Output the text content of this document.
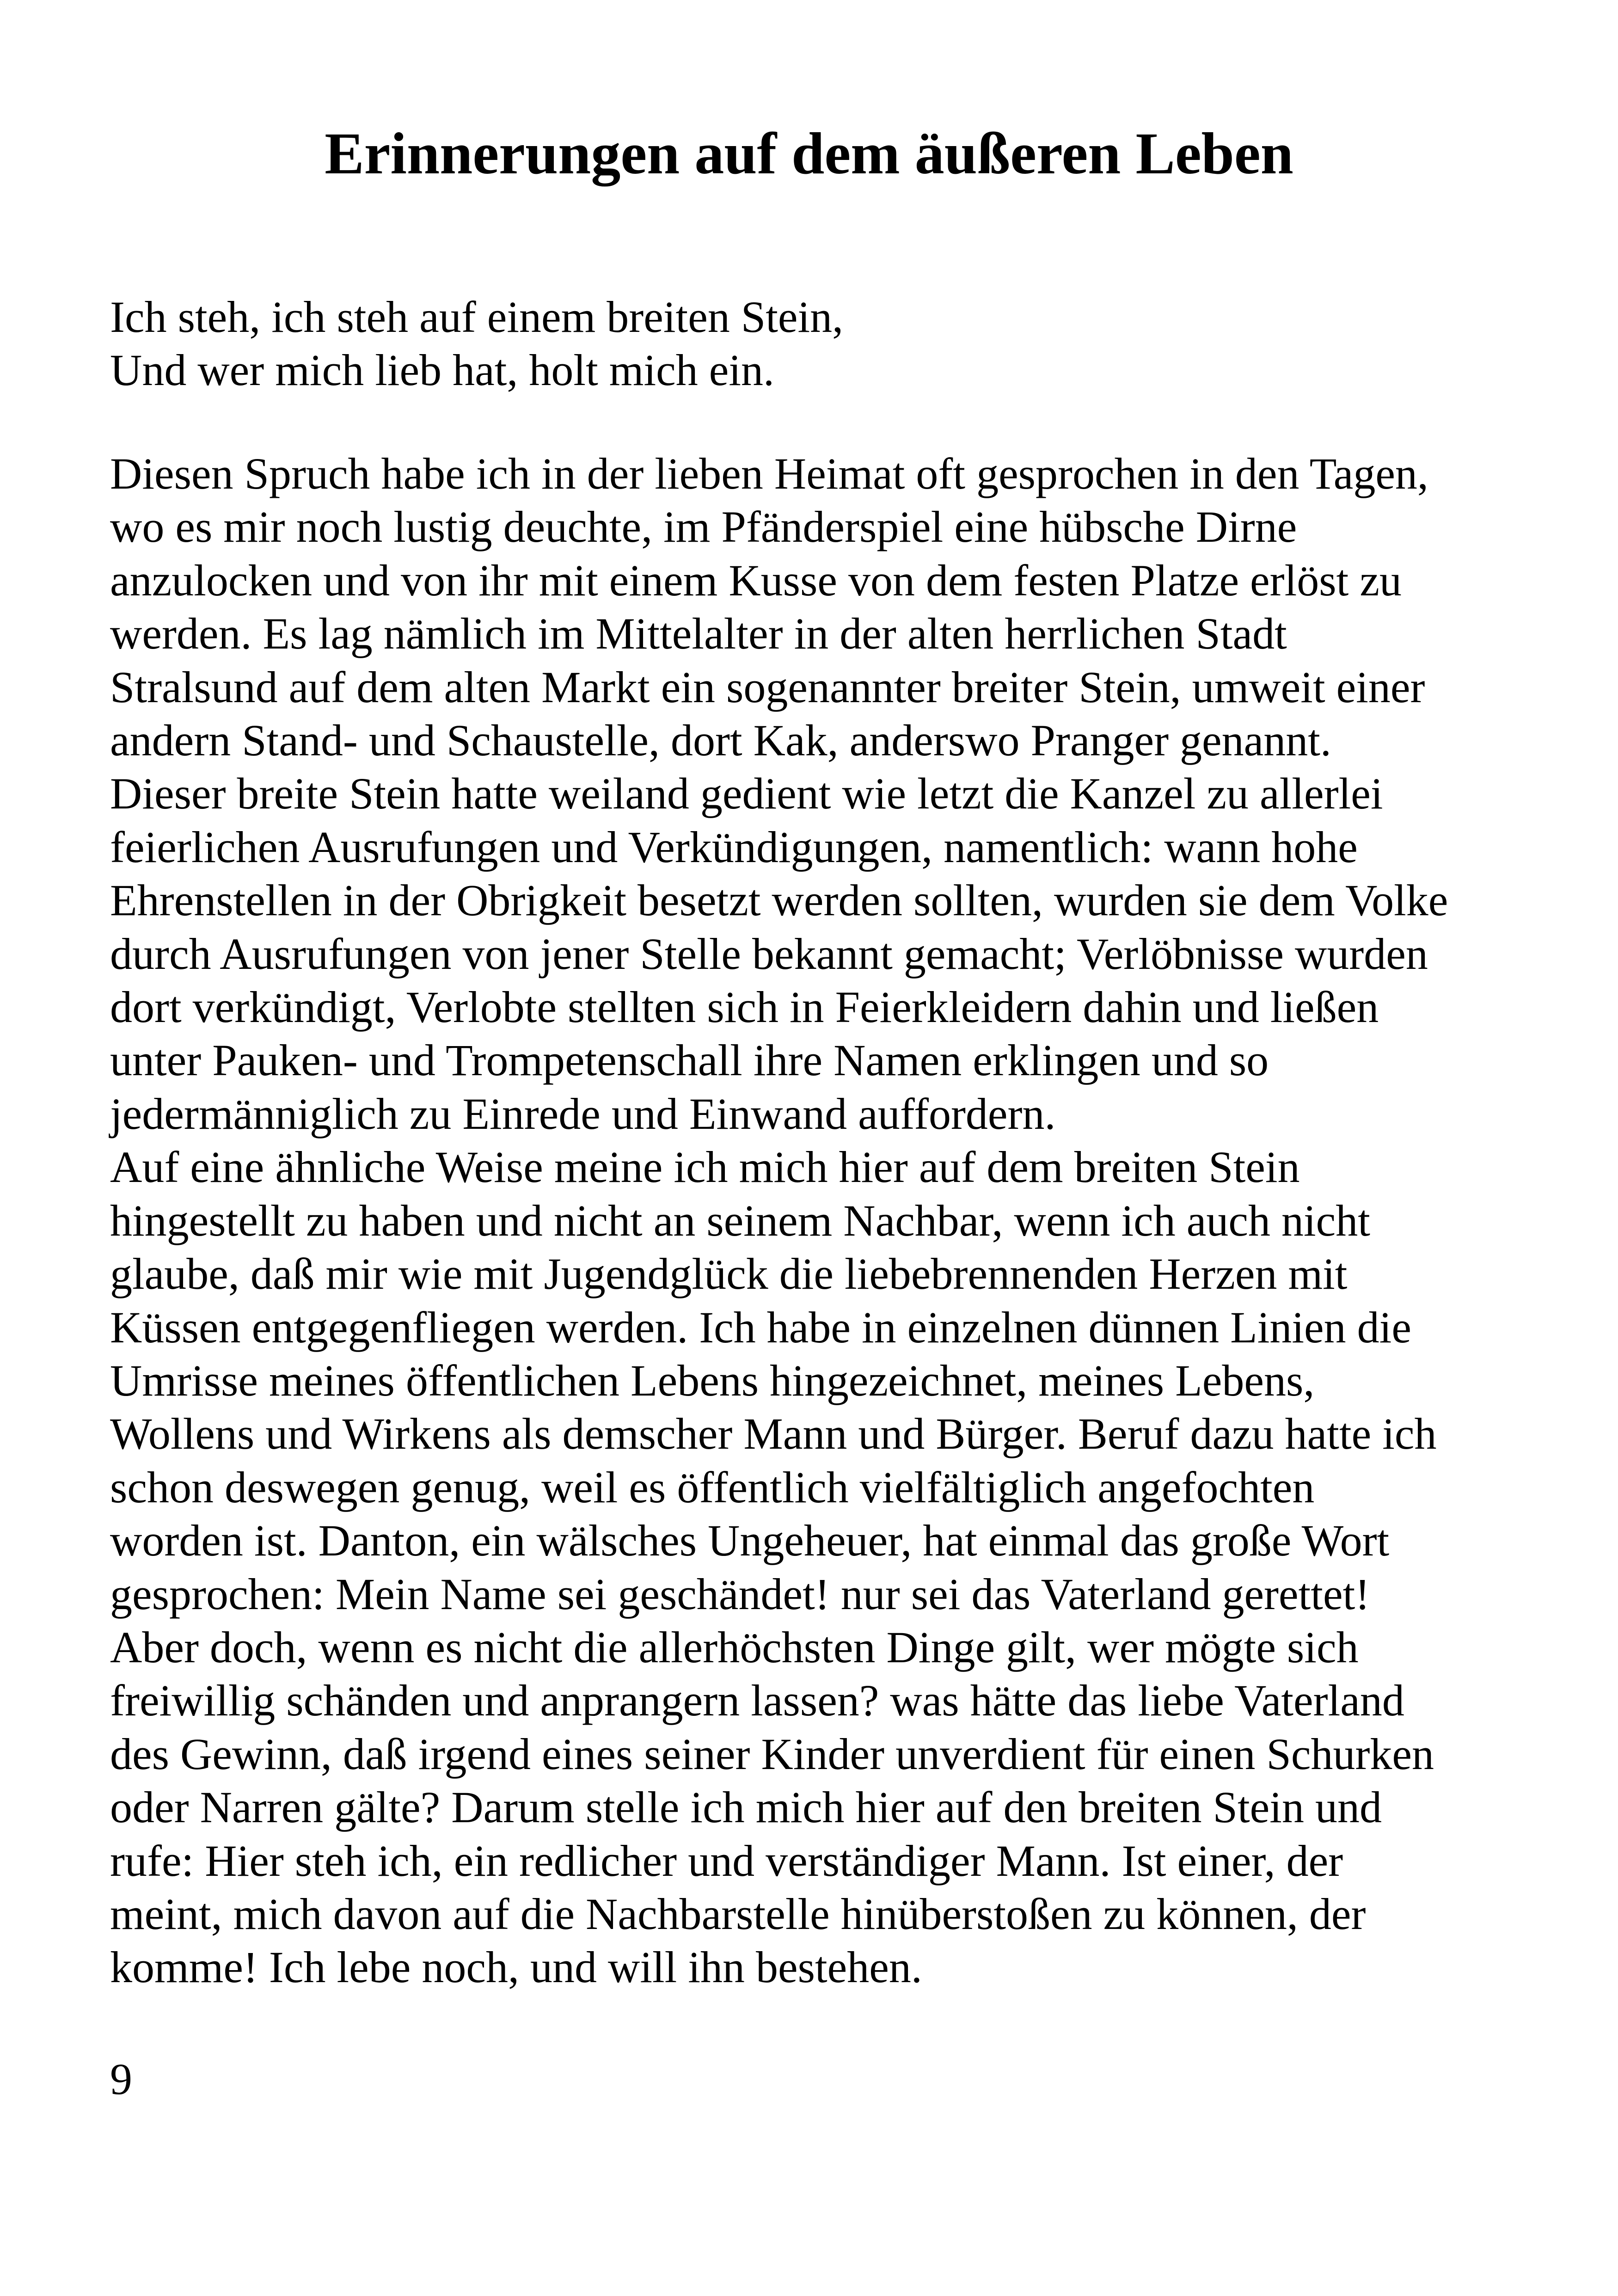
Erinnerungen auf dem äußeren Leben
Ich steh, ich steh auf einem breiten Stein,
Und wer mich lieb hat, holt mich ein.
Diesen Spruch habe ich in der lieben Heimat oft gesprochen in den Tagen,
wo es mir noch lustig deuchte, im Pfänderspiel eine hübsche Dirne
anzulocken und von ihr mit einem Kusse von dem festen Platze erlöst zu
werden. Es lag nämlich im Mittelalter in der alten herrlichen Stadt
Stralsund auf dem alten Markt ein sogenannter breiter Stein, umweit einer
andern Stand- und Schaustelle, dort Kak, anderswo Pranger genannt.
Dieser breite Stein hatte weiland gedient wie letzt die Kanzel zu allerlei
feierlichen Ausrufungen und Verkündigungen, namentlich: wann hohe
Ehrenstellen in der Obrigkeit besetzt werden sollten, wurden sie dem Volke
durch Ausrufungen von jener Stelle bekannt gemacht; Verlöbnisse wurden
dort verkündigt, Verlobte stellten sich in Feierkleidern dahin und ließen
unter Pauken- und Trompetenschall ihre Namen erklingen und so
jedermänniglich zu Einrede und Einwand auffordern.
Auf eine ähnliche Weise meine ich mich hier auf dem breiten Stein
hingestellt zu haben und nicht an seinem Nachbar, wenn ich auch nicht
glaube, daß mir wie mit Jugendglück die liebebrennenden Herzen mit
Küssen entgegenfliegen werden. Ich habe in einzelnen dünnen Linien die
Umrisse meines öffentlichen Lebens hingezeichnet, meines Lebens,
Wollens und Wirkens als demscher Mann und Bürger. Beruf dazu hatte ich
schon deswegen genug, weil es öffentlich vielfältiglich angefochten
worden ist. Danton, ein wälsches Ungeheuer, hat einmal das große Wort
gesprochen: Mein Name sei geschändet! nur sei das Vaterland gerettet!
Aber doch, wenn es nicht die allerhöchsten Dinge gilt, wer mögte sich
freiwillig schänden und anprangern lassen? was hätte das liebe Vaterland
des Gewinn, daß irgend eines seiner Kinder unverdient für einen Schurken
oder Narren gälte? Darum stelle ich mich hier auf den breiten Stein und
rufe: Hier steh ich, ein redlicher und verständiger Mann. Ist einer, der
meint, mich davon auf die Nachbarstelle hinüberstoßen zu können, der
komme! Ich lebe noch, und will ihn bestehen.
9
